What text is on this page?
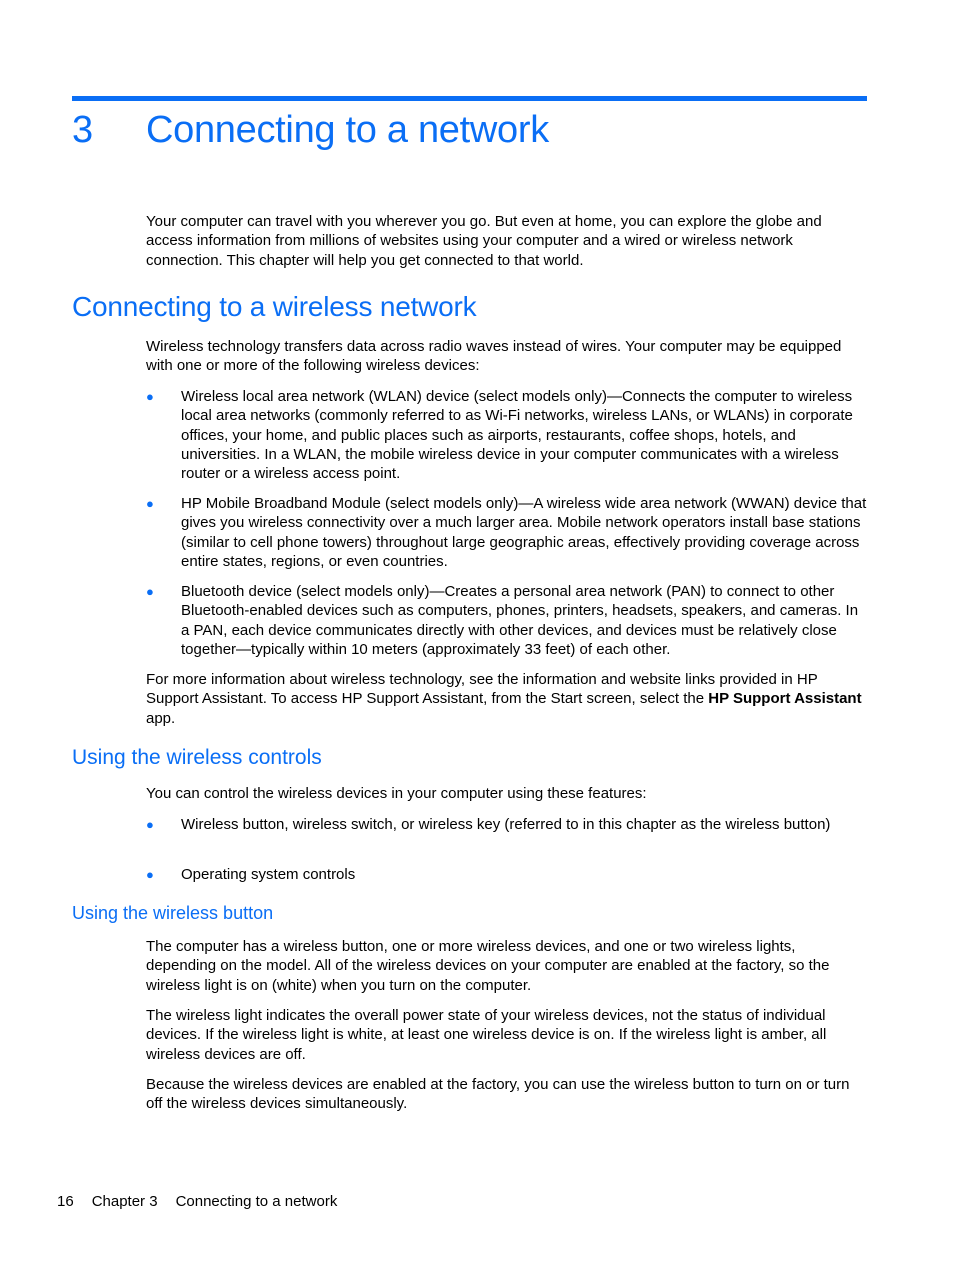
3 Connecting to a network

Your computer can travel with you wherever you go. But even at home, you can explore the globe and access information from millions of websites using your computer and a wired or wireless network connection. This chapter will help you get connected to that world.

Connecting to a wireless network

Wireless technology transfers data across radio waves instead of wires. Your computer may be equipped with one or more of the following wireless devices:

● Wireless local area network (WLAN) device (select models only)—Connects the computer to wireless local area networks (commonly referred to as Wi-Fi networks, wireless LANs, or WLANs) in corporate offices, your home, and public places such as airports, restaurants, coffee shops, hotels, and universities. In a WLAN, the mobile wireless device in your computer communicates with a wireless router or a wireless access point.
● HP Mobile Broadband Module (select models only)—A wireless wide area network (WWAN) device that gives you wireless connectivity over a much larger area. Mobile network operators install base stations (similar to cell phone towers) throughout large geographic areas, effectively providing coverage across entire states, regions, or even countries.
● Bluetooth device (select models only)—Creates a personal area network (PAN) to connect to other Bluetooth-enabled devices such as computers, phones, printers, headsets, speakers, and cameras. In a PAN, each device communicates directly with other devices, and devices must be relatively close together—typically within 10 meters (approximately 33 feet) of each other.

For more information about wireless technology, see the information and website links provided in HP Support Assistant. To access HP Support Assistant, from the Start screen, select the HP Support Assistant app.

Using the wireless controls

You can control the wireless devices in your computer using these features:

● Wireless button, wireless switch, or wireless key (referred to in this chapter as the wireless button)
● Operating system controls
Using the wireless button

The computer has a wireless button, one or more wireless devices, and one or two wireless lights, depending on the model. All of the wireless devices on your computer are enabled at the factory, so the wireless light is on (white) when you turn on the computer.

The wireless light indicates the overall power state of your wireless devices, not the status of individual devices. If the wireless light is white, at least one wireless device is on. If the wireless light is amber, all wireless devices are off.

Because the wireless devices are enabled at the factory, you can use the wireless button to turn on or turn off the wireless devices simultaneously.

16 Chapter 3 Connecting to a network
